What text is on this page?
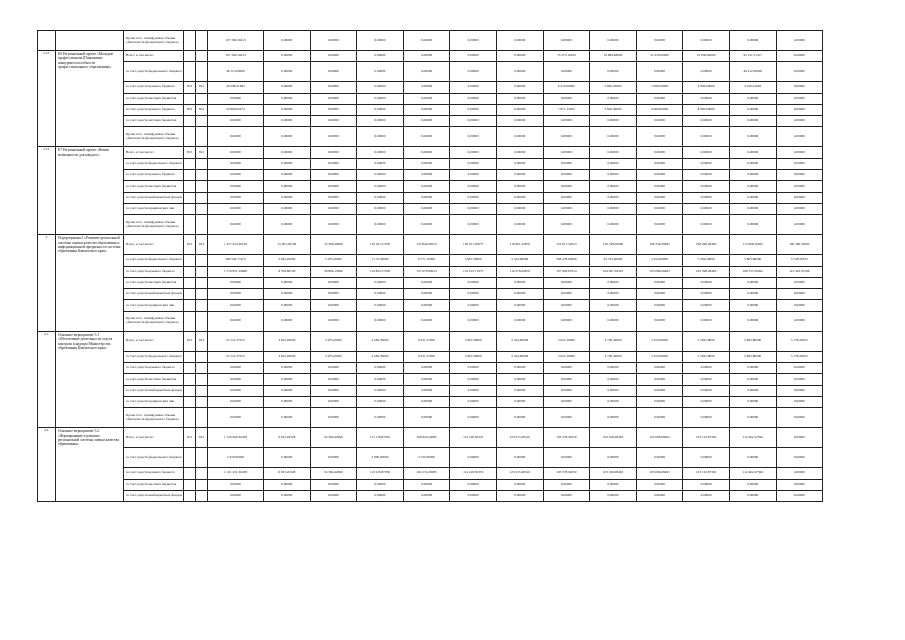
		Кроме того, планируемые объемы обязательств федерального бюджета			107 306,50415	0,00000	0,00000	0,00000	0,00000	0,00000	0,00000	0,00000	0,00000	0,00000	0,00000	0,00000	0,00000
2.12.	Е6 Региональный проект «Молодые профессионалы (Повышение конкурентоспособности профессионального образования)»	Всего, в том числе:			107 306,50415	0,00000	0,00000	0,00000	0,00000	0,00000	0,00000	15 273,11820	19 984,48000	31 050,00000	10 936,00000	95 411,51417	0,00000
		за счет средств федерального бюджета			48 115,00000	0,00000	0,00000	0,00000	0,00000	0,00000	0,00000	0,00000	0,00000	0,00000	0,00000	46 412,00000	0,00000
		за счет средств краевого бюджета	813	812	26 298,41692	0,00000	0,00000	0,00000	0,00000	0,00000	0,00000	6 410,00000	5 862,20000	7 090,00000	4 830,00000	4 106,41692	0,00000
		за счет средств местных бюджетов			0,00000	0,00000	0,00000	0,00000	0,00000	0,00000	0,00000	0,00000	0,00000	0,00000	0,00000	0,00000	0,00000
		за счет средств краевого бюджета	855	812	32 890,62273	0,00000	0,00000	0,00000	0,00000	0,00000	0,00000	7 871,13025	5 692,49000	9 960,00000	8 900,00000	0,00000	0,00000
		за счет средств местных бюджетов			0,00000	0,00000	0,00000	0,00000	0,00000	0,00000	0,00000	0,00000	0,00000	0,00000	0,00000	0,00000	0,00000
		Кроме того, планируемые объемы обязательств федерального бюджета			0,00000	0,00000	0,00000	0,00000	0,00000	0,00000	0,00000	0,00000	0,00000	0,00000	0,00000	0,00000	0,00000
2.13.	Е7 Региональный проект «Новые возможности для каждого»	Всего, в том числе:	813	812	0,00000	0,00000	0,00000	0,00000	0,00000	0,00000	0,00000	0,00000	0,00000	0,00000	0,00000	0,00000	0,00000
		за счет средств федерального бюджета			0,00000	0,00000	0,00000	0,00000	0,00000	0,00000	0,00000	0,00000	0,00000	0,00000	0,00000	0,00000	0,00000
		за счет средств краевого бюджета			0,00000	0,00000	0,00000	0,00000	0,00000	0,00000	0,00000	0,00000	0,00000	0,00000	0,00000	0,00000	0,00000
		за счет средств местных бюджетов			0,00000	0,00000	0,00000	0,00000	0,00000	0,00000	0,00000	0,00000	0,00000	0,00000	0,00000	0,00000	0,00000
		за счет средств внебюджетных фондов			0,00000	0,00000	0,00000	0,00000	0,00000	0,00000	0,00000	0,00000	0,00000	0,00000	0,00000	0,00000	0,00000
		за счет средств юридических лиц			0,00000	0,00000	0,00000	0,00000	0,00000	0,00000	0,00000	0,00000	0,00000	0,00000	0,00000	0,00000	0,00000
		Кроме того, планируемые объемы обязательств федерального бюджета			0,00000	0,00000	0,00000	0,00000	0,00000	0,00000	0,00000	0,00000	0,00000	0,00000	0,00000	0,00000	0,00000
3	Подпрограмма 2 «Развитие регональной системы оценки качества образования и информационной прозрачности системы образования Камчатского края»	Всего, в том числе:	813	813	1 457 454,26140	15 901,06728	14 386,49990	118 161,27050	135 842,60915	136 071,00975	119 601,24879	122 017,52914	120 348,00000	108 336,29463	108 296,29463	113 668,10465	185 306,30295
		за счет средств федерального бюджета			280 542,77472	5 622,20000	5 205,20000	7 172,50000	8 771,70000	3 967,30000	5 324,60000	284 478,00000	45 745,60000	5 252,00000	5 294,20000	5 803,80000	5 728,20672
		за счет средств краевого бюджета			1 176 851,59668	8 709,86728	56 864,13990	110 822,17050	127 070,90915	132 103,71975	110 276,64879	107 993,97914	104 497,39325	103 086,29463	102 598,29463	108 155,39262	112 403,47596
		за счет средств местных бюджетов			0,00000	0,00000	0,00000	0,00000	0,00000	0,00000	0,00000	0,00000	0,00000	0,00000	0,00000	0,00000	0,00000
		за счет средств внебюджетных фондов			0,00000	0,00000	0,00000	0,00000	0,00000	0,00000	0,00000	0,00000	0,00000	0,00000	0,00000	0,00000	0,00000
		за счет средств юридических лиц			0,00000	0,00000	0,00000	0,00000	0,00000	0,00000	0,00000	0,00000	0,00000	0,00000	0,00000	0,00000	0,00000
		Кроме того, планируемые объемы обязательств федерального бюджета			0,00000	0,00000	0,00000	0,00000	0,00000	0,00000	0,00000	0,00000	0,00000	0,00000	0,00000	0,00000	0,00000
3.1.	Основное мероприятие 3.1 «Обеспечение деятельности отдела контроля и надзора Министерства образования Камчатского края»	Всего, в том числе:	813	813	55 121,27472	3 622,20000	3 205,20000	4 282,30000	8 421,57000	3 967,30000	5 324,60000	5 621,20000	3 729,40000	5 252,00000	5 294,20000	5 803,80000	5 728,20672
		за счет средств федерального бюджета			55 121,27472	3 622,20000	3 205,20000	4 282,30000	8 421,57000	3 967,30000	5 324,60000	5 621,20000	3 729,40000	5 252,00000	5 294,20000	5 803,80000	5 728,20672
		за счет средств краевого бюджета			0,00000	0,00000	0,00000	0,00000	0,00000	0,00000	0,00000	0,00000	0,00000	0,00000	0,00000	0,00000	0,00000
		за счет средств местных бюджетов			0,00000	0,00000	0,00000	0,00000	0,00000	0,00000	0,00000	0,00000	0,00000	0,00000	0,00000	0,00000	0,00000
		за счет средств внебюджетных фондов			0,00000	0,00000	0,00000	0,00000	0,00000	0,00000	0,00000	0,00000	0,00000	0,00000	0,00000	0,00000	0,00000
		за счет средств юридических лиц			0,00000	0,00000	0,00000	0,00000	0,00000	0,00000	0,00000	0,00000	0,00000	0,00000	0,00000	0,00000	0,00000
		Кроме того, планируемые объемы обязательств федерального бюджета			0,00000	0,00000	0,00000	0,00000	0,00000	0,00000	0,00000	0,00000	0,00000	0,00000	0,00000	0,00000	0,00000
3.2.	Основное мероприятие 3.2 «Формирование и развитие региональной системы оценки качества образования»	Всего, в том числе:	813	813	1 120 669,30438	6 653,20328	54 384,42990	113 118,87050	106 824,20085	114 418,30335	123 013,48310	105 578,49250	103 196,08463	103 096,08463	103 123,87302	112 462,47596	0,00000
		за счет средств федерального бюджета			5 450,00000	0,00000	0,00000	2 900,00000	2 550,00000	0,00000	0,00000	0,00000	0,00000	0,00000	0,00000	0,00000	0,00000
		за счет средств краевого бюджета			1 161 431,30438	6 653,20328	54 384,42990	110 218,87050	104 274,20085	114 418,30335	123 013,48310	105 578,49250	103 196,08463	103 096,08463	103 123,87302	112 462,47596	0,00000
		за счет средств местных бюджетов			0,00000	0,00000	0,00000	0,00000	0,00000	0,00000	0,00000	0,00000	0,00000	0,00000	0,00000	0,00000	0,00000
		за счет средств внебюджетных фондов			0,00000	0,00000	0,00000	0,00000	0,00000	0,00000	0,00000	0,00000	0,00000	0,00000	0,00000	0,00000	0,00000
